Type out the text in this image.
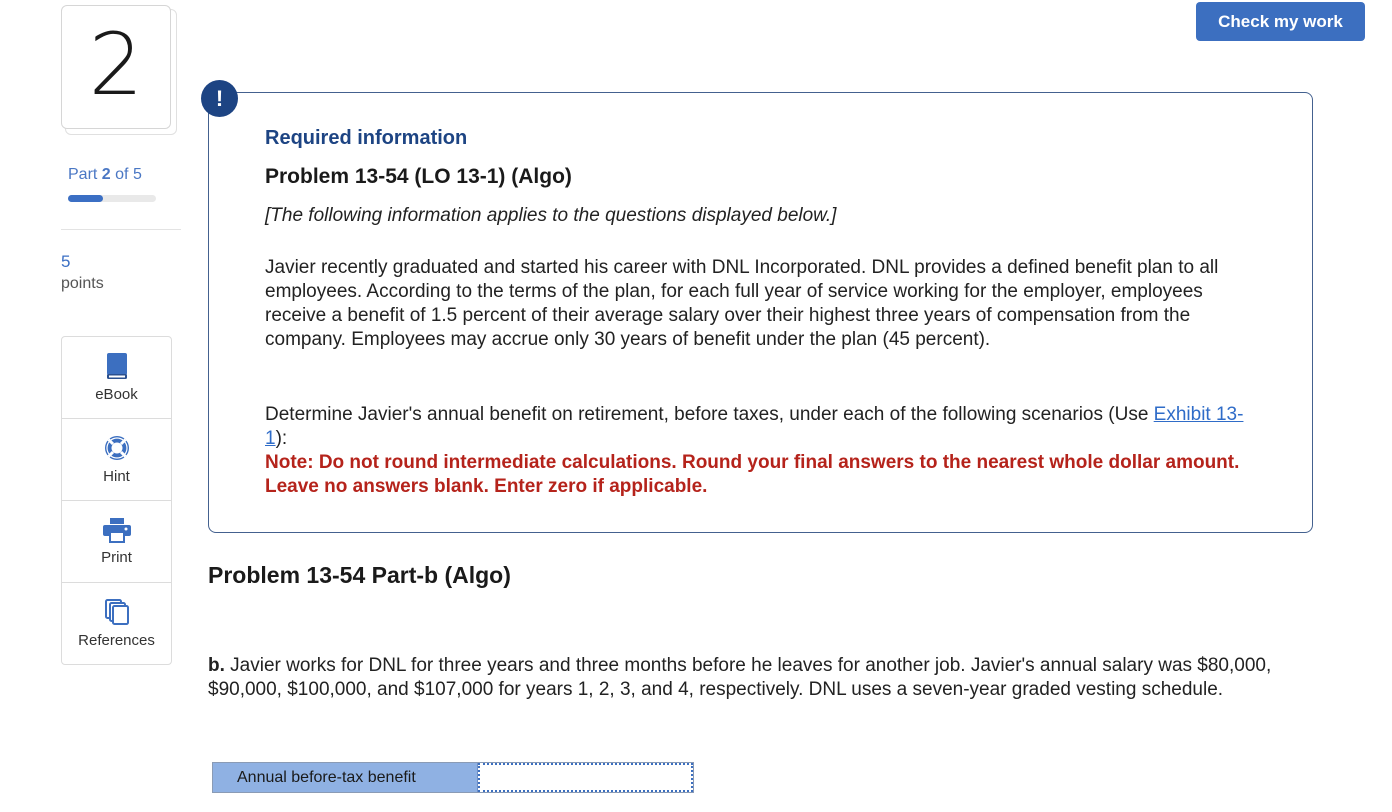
2
Part 2 of 5
5
points
eBook
Hint
Print
References
Check my work
!
Required information
Problem 13-54 (LO 13-1) (Algo)
[The following information applies to the questions displayed below.]
Javier recently graduated and started his career with DNL Incorporated. DNL provides a defined benefit plan to all employees. According to the terms of the plan, for each full year of service working for the employer, employees receive a benefit of 1.5 percent of their average salary over their highest three years of compensation from the company. Employees may accrue only 30 years of benefit under the plan (45 percent).
Determine Javier's annual benefit on retirement, before taxes, under each of the following scenarios (Use Exhibit 13-1):
Note: Do not round intermediate calculations. Round your final answers to the nearest whole dollar amount. Leave no answers blank. Enter zero if applicable.
Problem 13-54 Part-b (Algo)
b. Javier works for DNL for three years and three months before he leaves for another job. Javier's annual salary was $80,000, $90,000, $100,000, and $107,000 for years 1, 2, 3, and 4, respectively. DNL uses a seven-year graded vesting schedule.
Annual before-tax benefit
